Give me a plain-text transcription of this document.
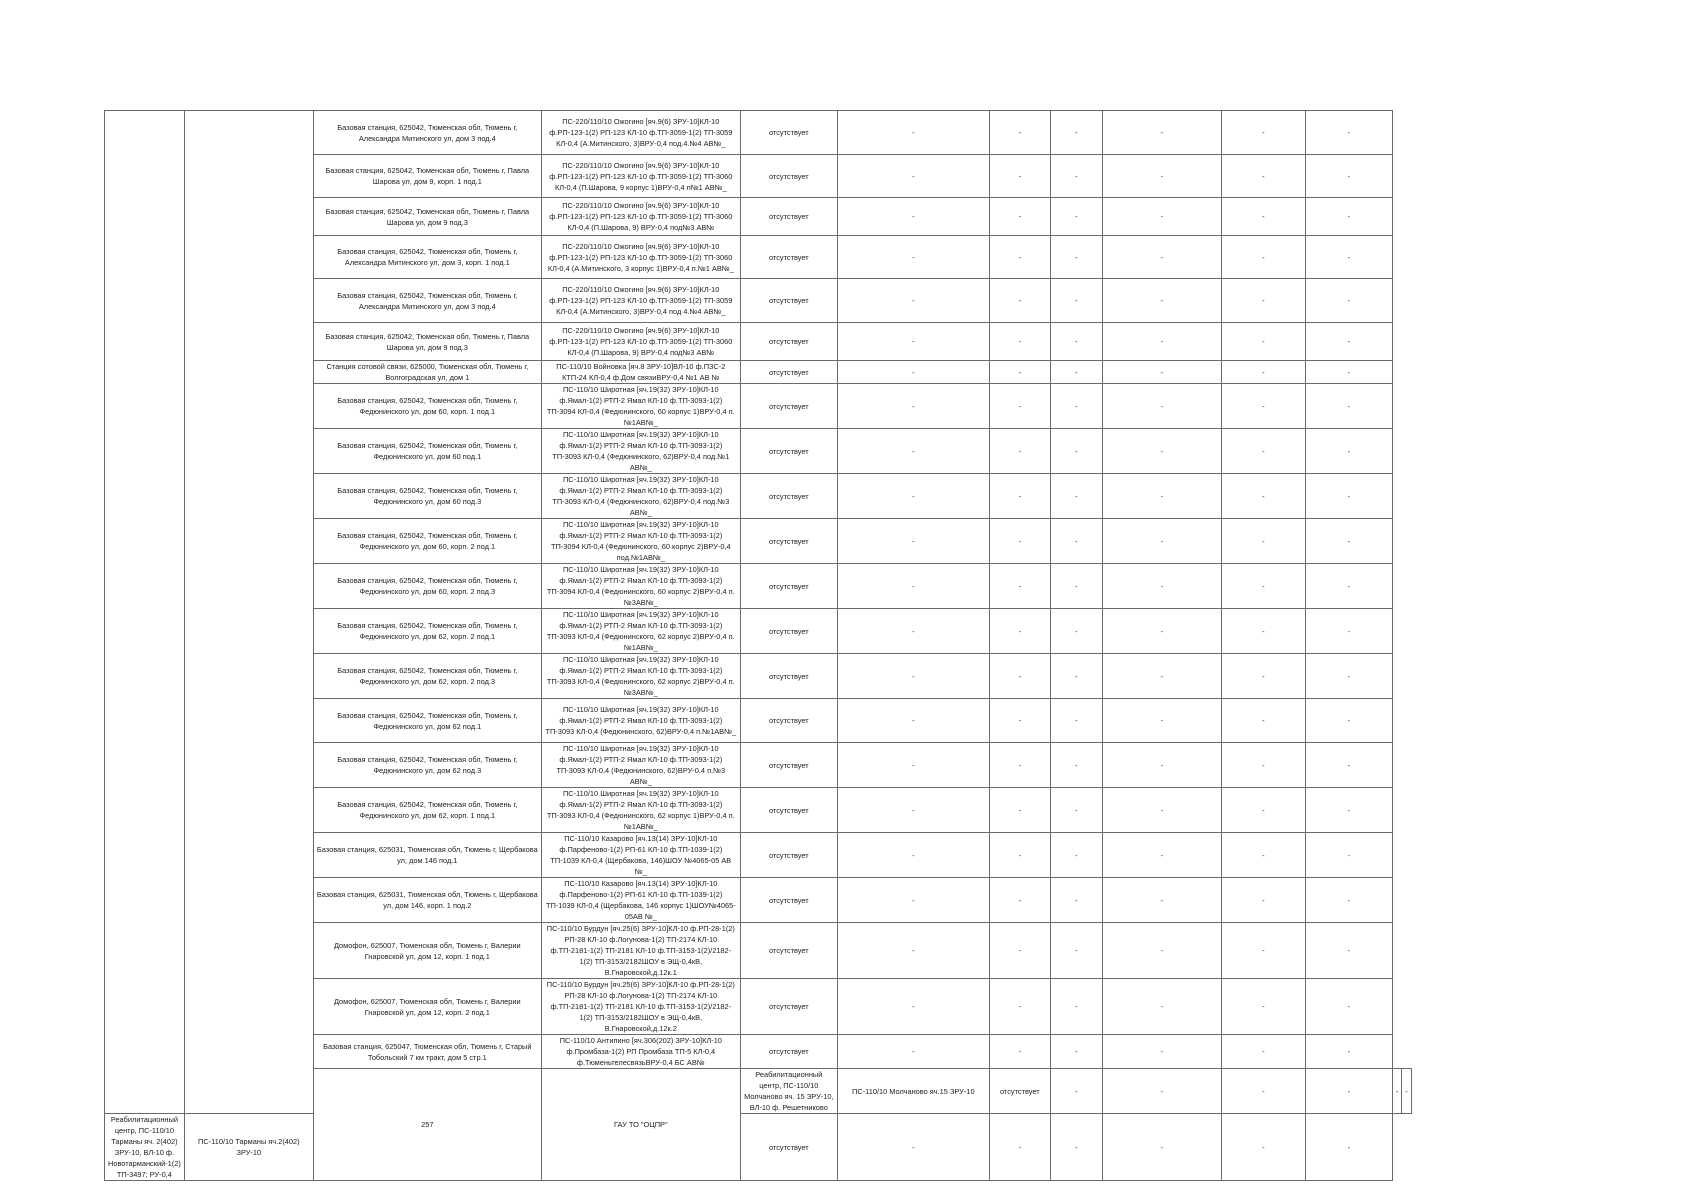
		Базовая станция, 625042, Тюменская обл, Тюмень г, Александра Митинского ул, дом 3 под.4	ПС-220/110/10 Ожогино [яч.9(6) ЗРУ-10]КЛ-10 ф.РП-123-1(2) РП-123 КЛ-10 ф.ТП-3059-1(2) ТП-3059 КЛ-0,4 (А.Митинского, 3)ВРУ-0,4 под.4.№4 АВ№_	отсутствует	-	-	-	-	-	-		
		Базовая станция, 625042, Тюменская обл, Тюмень г, Павла Шарова ул, дом 9, корп. 1 под.1	ПС-220/110/10 Ожогино [яч.9(6) ЗРУ-10]КЛ-10 ф.РП-123-1(2) РП-123 КЛ-10 ф.ТП-3059-1(2) ТП-3060 КЛ-0,4 (П.Шарова, 9 корпус 1)ВРУ-0,4 п№1 АВ№_	отсутствует	-	-	-	-	-	-		
		Базовая станция, 625042, Тюменская обл, Тюмень г, Павла Шарова ул, дом 9 под.3	ПС-220/110/10 Ожогино [яч.9(6) ЗРУ-10]КЛ-10 ф.РП-123-1(2) РП-123 КЛ-10 ф.ТП-3059-1(2) ТП-3060 КЛ-0,4 (П.Шарова, 9) ВРУ-0,4 под№3 АВ№	отсутствует	-	-	-	-	-	-		
		Базовая станция, 625042, Тюменская обл, Тюмень г, Александра Митинского ул, дом 3, корп. 1 под.1	ПС-220/110/10 Ожогино [яч.9(6) ЗРУ-10]КЛ-10 ф.РП-123-1(2) РП-123 КЛ-10 ф.ТП-3059-1(2) ТП-3060 КЛ-0,4 (А.Митинского, 3 корпус 1)ВРУ-0,4 п.№1 АВ№_	отсутствует	-	-	-	-	-	-		
		Базовая станция, 625042, Тюменская обл, Тюмень г, Александра Митинского ул, дом 3 под.4	ПС-220/110/10 Ожогино [яч.9(6) ЗРУ-10]КЛ-10 ф.РП-123-1(2) РП-123 КЛ-10 ф.ТП-3059-1(2) ТП-3059 КЛ-0,4 (А.Митинского, 3)ВРУ-0,4 под 4.№4 АВ№_	отсутствует	-	-	-	-	-	-		
		Базовая станция, 625042, Тюменская обл, Тюмень г, Павла Шарова ул, дом 9 под.3	ПС-220/110/10 Ожогино [яч.9(6) ЗРУ-10]КЛ-10 ф.РП-123-1(2) РП-123 КЛ-10 ф.ТП-3059-1(2) ТП-3060 КЛ-0,4 (П.Шарова, 9) ВРУ-0,4 под№3 АВ№	отсутствует	-	-	-	-	-	-		
		Станция сотовой связи, 625000, Тюменская обл, Тюмень г, Волгоградская ул, дом 1	ПС-110/10 Войновка [яч.8 ЗРУ-10]ВЛ-10 ф.ПЗС-2 КТП-24 КЛ-0,4 ф.Дом связиВРУ-0,4 №1 АВ №	отсутствует	-	-	-	-	-	-		
		Базовая станция, 625042, Тюменская обл, Тюмень г, Федюнинского ул, дом 60, корп. 1 под.1	ПС-110/10 Широтная [яч.19(32) ЗРУ-10]КЛ-10 ф.Ямал-1(2) РТП-2 Ямал КЛ-10 ф.ТП-3093-1(2) ТП-3094 КЛ-0,4 (Федюнинского, 60 корпус 1)ВРУ-0,4 п.№1АВ№_	отсутствует	-	-	-	-	-	-		
		Базовая станция, 625042, Тюменская обл, Тюмень г, Федюнинского ул, дом 60 под.1	ПС-110/10 Широтная [яч.19(32) ЗРУ-10]КЛ-10 ф.Ямал-1(2) РТП-2 Ямал КЛ-10 ф.ТП-3093-1(2) ТП-3093 КЛ-0,4 (Федюнинского, 62)ВРУ-0,4 под.№1 АВ№_	отсутствует	-	-	-	-	-	-		
		Базовая станция, 625042, Тюменская обл, Тюмень г, Федюнинского ул, дом 60 под.3	ПС-110/10 Широтная [яч.19(32) ЗРУ-10]КЛ-10 ф.Ямал-1(2) РТП-2 Ямал КЛ-10 ф.ТП-3093-1(2) ТП-3093 КЛ-0,4 (Федюнинского, 62)ВРУ-0,4 под.№3 АВ№_	отсутствует	-	-	-	-	-	-		
		Базовая станция, 625042, Тюменская обл, Тюмень г, Федюнинского ул, дом 60, корп. 2 под.1	ПС-110/10 Широтная [яч.19(32) ЗРУ-10]КЛ-10 ф.Ямал-1(2) РТП-2 Ямал КЛ-10 ф.ТП-3093-1(2) ТП-3094 КЛ-0,4 (Федюнинского, 60 корпус 2)ВРУ-0,4 под.№1АВ№_	отсутствует	-	-	-	-	-	-		
		Базовая станция, 625042, Тюменская обл, Тюмень г, Федюнинского ул, дом 60, корп. 2 под.3	ПС-110/10 Широтная [яч.19(32) ЗРУ-10]КЛ-10 ф.Ямал-1(2) РТП-2 Ямал КЛ-10 ф.ТП-3093-1(2) ТП-3094 КЛ-0,4 (Федюнинского, 60 корпус 2)ВРУ-0,4 п.№3АВ№_	отсутствует	-	-	-	-	-	-		
		Базовая станция, 625042, Тюменская обл, Тюмень г, Федюнинского ул, дом 62, корп. 2 под.1	ПС-110/10 Широтная [яч.19(32) ЗРУ-10]КЛ-10 ф.Ямал-1(2) РТП-2 Ямал КЛ-10 ф.ТП-3093-1(2) ТП-3093 КЛ-0,4 (Федюнинского, 62 корпус 2)ВРУ-0,4 п.№1АВ№_	отсутствует	-	-	-	-	-	-		
		Базовая станция, 625042, Тюменская обл, Тюмень г, Федюнинского ул, дом 62, корп. 2 под.3	ПС-110/10 Широтная [яч.19(32) ЗРУ-10]КЛ-10 ф.Ямал-1(2) РТП-2 Ямал КЛ-10 ф.ТП-3093-1(2) ТП-3093 КЛ-0,4 (Федюнинского, 62 корпус 2)ВРУ-0,4 п.№3АВ№_	отсутствует	-	-	-	-	-	-		
		Базовая станция, 625042, Тюменская обл, Тюмень г, Федюнинского ул, дом 62 под.1	ПС-110/10 Широтная [яч.19(32) ЗРУ-10]КЛ-10 ф.Ямал-1(2) РТП-2 Ямал КЛ-10 ф.ТП-3093-1(2) ТП-3093 КЛ-0,4 (Федюнинского, 62)ВРУ-0,4 п.№1АВ№_	отсутствует	-	-	-	-	-	-		
		Базовая станция, 625042, Тюменская обл, Тюмень г, Федюнинского ул, дом 62 под.3	ПС-110/10 Широтная [яч.19(32) ЗРУ-10]КЛ-10 ф.Ямал-1(2) РТП-2 Ямал КЛ-10 ф.ТП-3093-1(2) ТП-3093 КЛ-0,4 (Федюнинского, 62)ВРУ-0,4 п.№3 АВ№_	отсутствует	-	-	-	-	-	-		
		Базовая станция, 625042, Тюменская обл, Тюмень г, Федюнинского ул, дом 62, корп. 1 под.1	ПС-110/10 Широтная [яч.19(32) ЗРУ-10]КЛ-10 ф.Ямал-1(2) РТП-2 Ямал КЛ-10 ф.ТП-3093-1(2) ТП-3093 КЛ-0,4 (Федюнинского, 62 корпус 1)ВРУ-0,4 п.№1АВ№_	отсутствует	-	-	-	-	-	-		
		Базовая станция, 625031, Тюменская обл, Тюмень г, Щербакова ул, дом 146 под.1	ПС-110/10 Казарово [яч.13(14) ЗРУ-10]КЛ-10 ф.Парфеново-1(2) РП-61 КЛ-10 ф.ТП-1039-1(2) ТП-1039 КЛ-0,4 (Щербакова, 146)ШОУ №4065-05 АВ №_	отсутствует	-	-	-	-	-	-		
		Базовая станция, 625031, Тюменская обл, Тюмень г, Щербакова ул, дом 146, корп. 1 под.2	ПС-110/10 Казарово [яч.13(14) ЗРУ-10]КЛ-10 ф.Парфеново-1(2) РП-61 КЛ-10 ф.ТП-1039-1(2) ТП-1039 КЛ-0,4 (Щербакова, 146 корпус 1)ШОУ№4065-05АВ №_	отсутствует	-	-	-	-	-	-		
		Домофон, 625007, Тюменская обл, Тюмень г, Валерии Гнаровской ул, дом 12, корп. 1 под.1	ПС-110/10 Бурдун [яч.25(6) ЗРУ-10]КЛ-10 ф.РП-28-1(2) РП-28 КЛ-10 ф.Логунова-1(2) ТП-2174 КЛ-10 ф.ТП-2181-1(2) ТП-2181 КЛ-10 ф.ТП-3153-1(2)/2182-1(2) ТП-3153/2182ШОУ в ЭЩ-0,4кВ, В.Гнаровской,д.12к.1	отсутствует	-	-	-	-	-	-		
		Домофон, 625007, Тюменская обл, Тюмень г, Валерии Гнаровской ул, дом 12, корп. 2 под.1	ПС-110/10 Бурдун [яч.25(6) ЗРУ-10]КЛ-10 ф.РП-28-1(2) РП-28 КЛ-10 ф.Логунова-1(2) ТП-2174 КЛ-10 ф.ТП-2181-1(2) ТП-2181 КЛ-10 ф.ТП-3153-1(2)/2182-1(2) ТП-3153/2182ШОУ в ЭЩ-0,4кВ, В.Гнаровской,д.12к.2	отсутствует	-	-	-	-	-	-		
		Базовая станция, 625047, Тюменская обл, Тюмень г, Старый Тобольский 7 км тракт, дом 5 стр.1	ПС-110/10 Антипино [яч.306(202) ЗРУ-10]КЛ-10 ф.Промбаза-1(2) РП Промбаза ТП-5 КЛ-0,4 ф.ТюменьтелесвязьВРУ-0,4 БС АВ№	отсутствует	-	-	-	-	-	-		
		257	ГАУ ТО "ОЦПР"	Реабилитационный центр, ПС-110/10 Молчаново яч. 15 ЗРУ-10, ВЛ-10 ф. Решетниково	ПС-110/10 Молчаново яч.15 ЗРУ-10	отсутствует	-	-	-	-	-	-
Реабилитационный центр, ПС-110/10 Тарманы яч. 2(402) ЗРУ-10, ВЛ-10 ф. Новотарманский-1(2) ТП-3497; РУ-0,4	ПС-110/10 Тарманы яч.2(402) ЗРУ-10			отсутствует	-	-	-	-	-	-		
